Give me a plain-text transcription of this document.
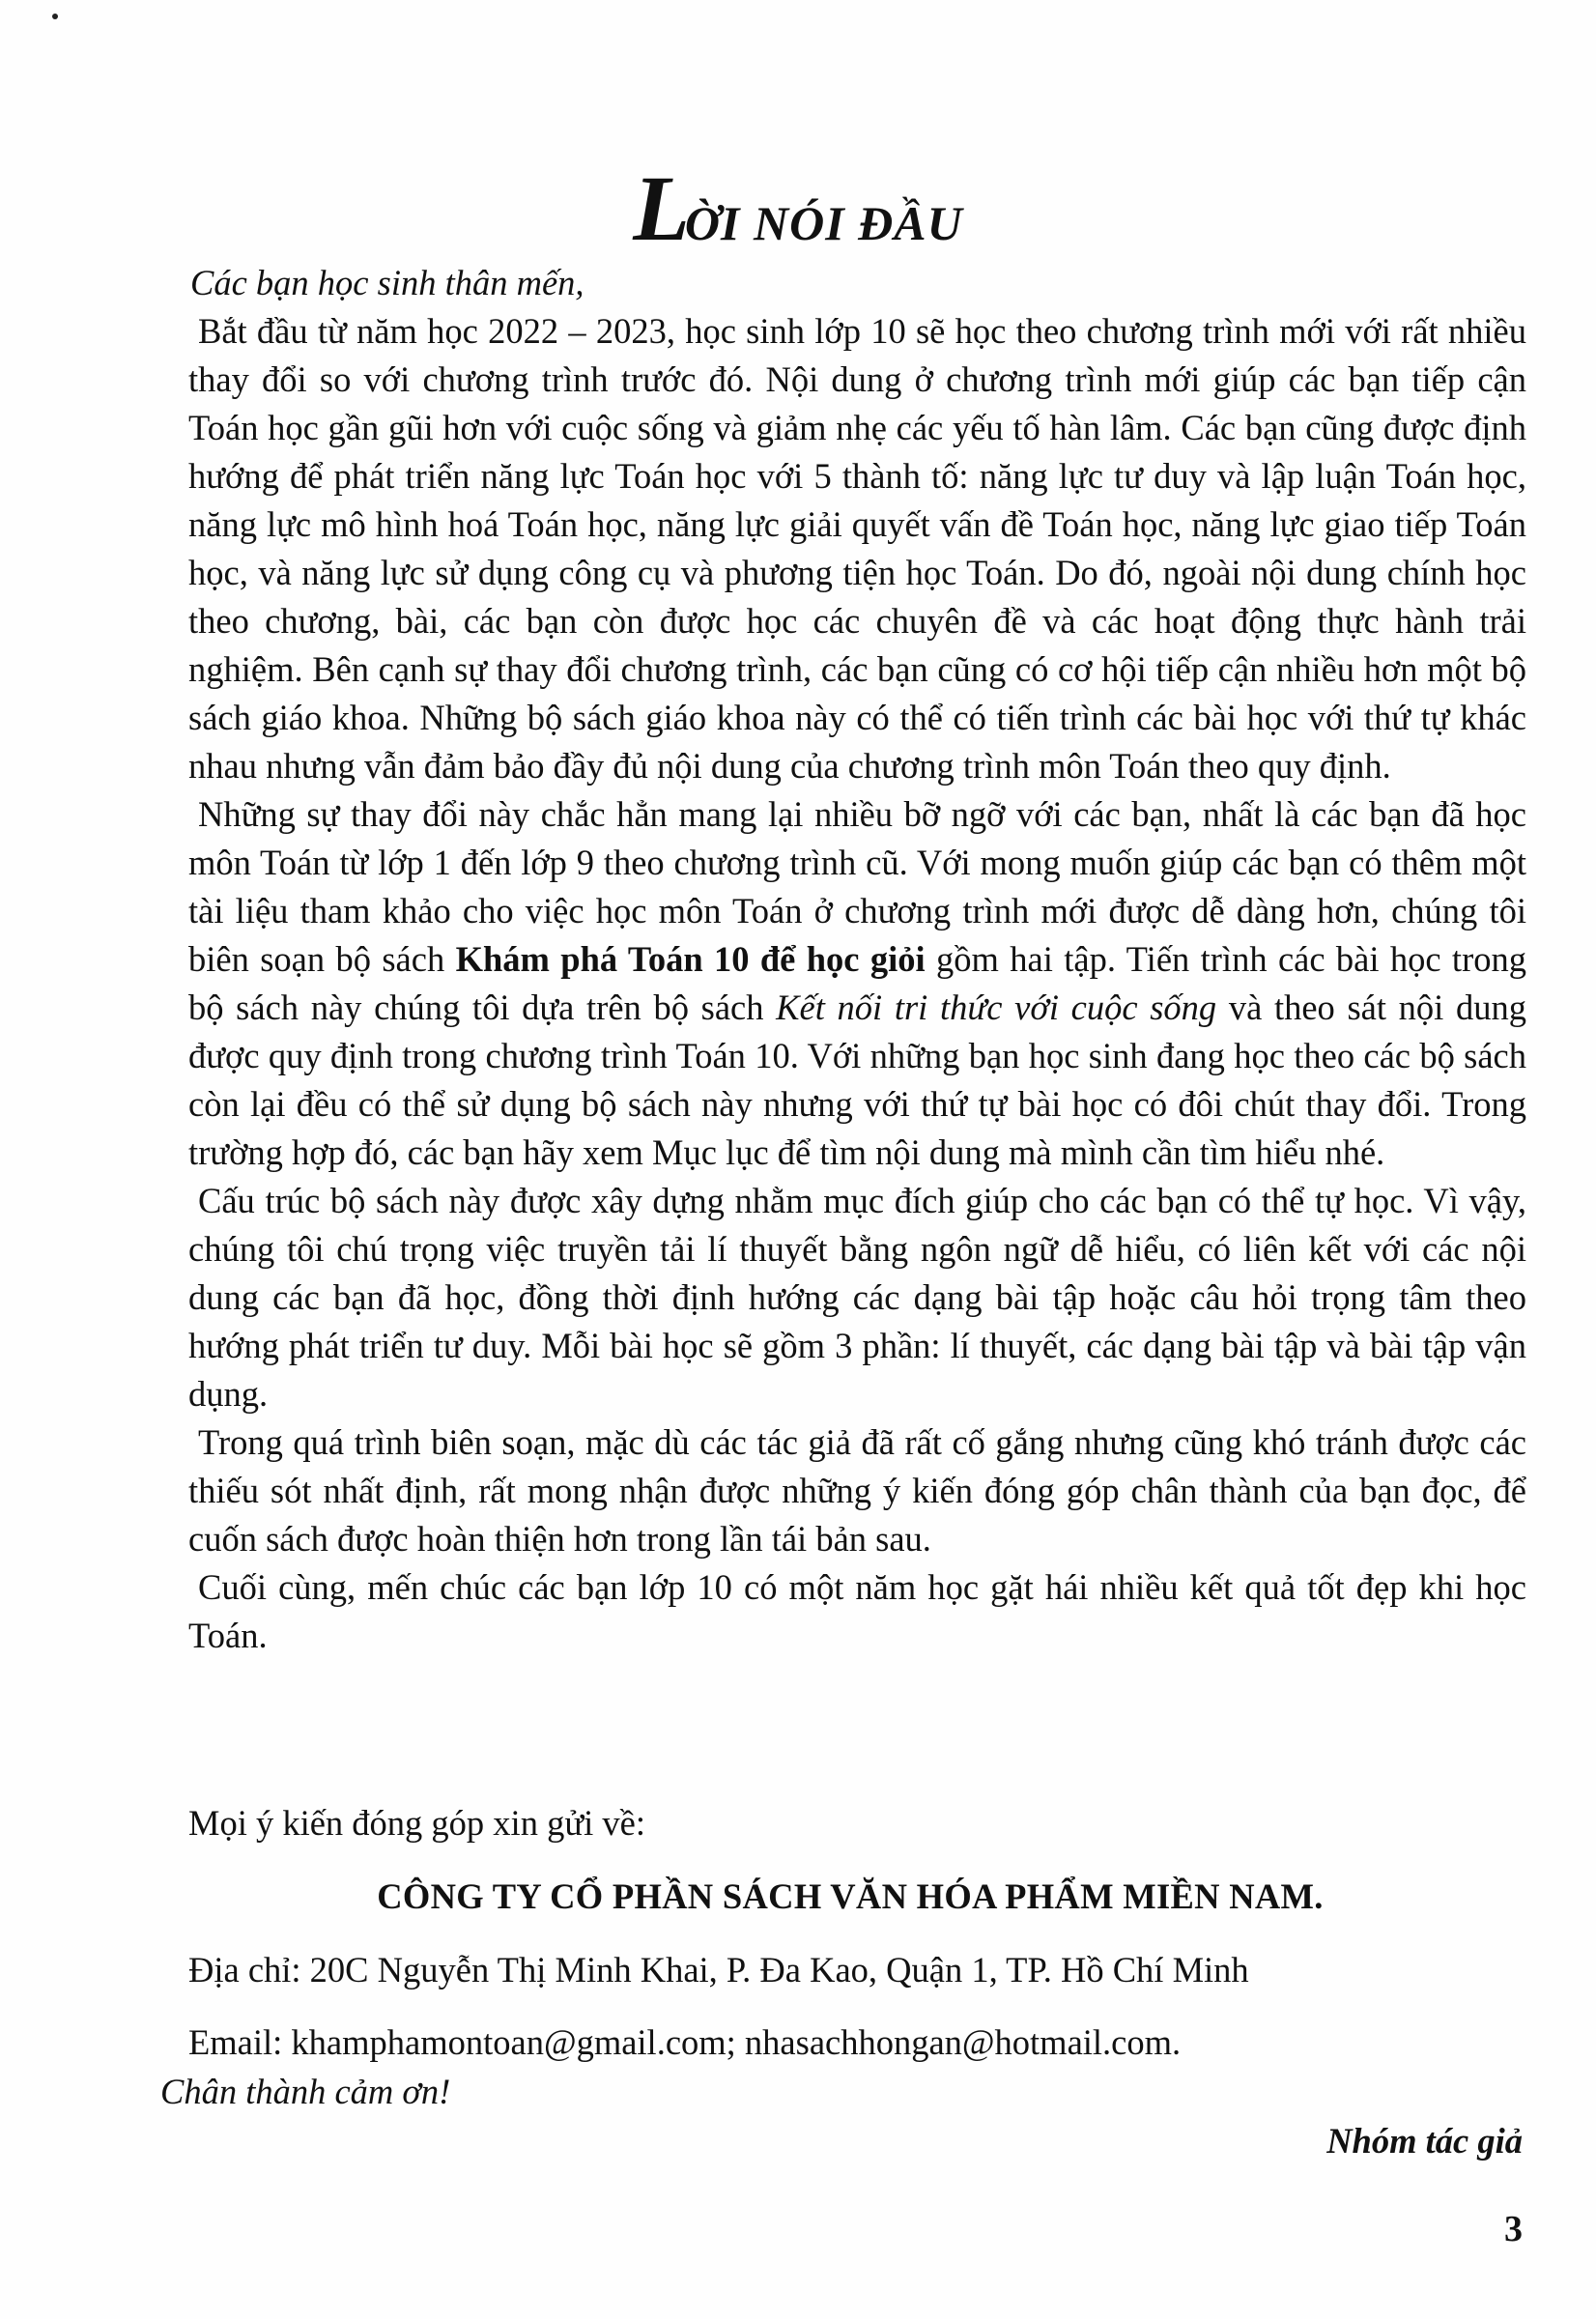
LỜI NÓI ĐẦU

Các bạn học sinh thân mến,

Bắt đầu từ năm học 2022 – 2023, học sinh lớp 10 sẽ học theo chương trình mới với rất nhiều thay đổi so với chương trình trước đó. Nội dung ở chương trình mới giúp các bạn tiếp cận Toán học gần gũi hơn với cuộc sống và giảm nhẹ các yếu tố hàn lâm. Các bạn cũng được định hướng để phát triển năng lực Toán học với 5 thành tố: năng lực tư duy và lập luận Toán học, năng lực mô hình hoá Toán học, năng lực giải quyết vấn đề Toán học, năng lực giao tiếp Toán học, và năng lực sử dụng công cụ và phương tiện học Toán. Do đó, ngoài nội dung chính học theo chương, bài, các bạn còn được học các chuyên đề và các hoạt động thực hành trải nghiệm. Bên cạnh sự thay đổi chương trình, các bạn cũng có cơ hội tiếp cận nhiều hơn một bộ sách giáo khoa. Những bộ sách giáo khoa này có thể có tiến trình các bài học với thứ tự khác nhau nhưng vẫn đảm bảo đầy đủ nội dung của chương trình môn Toán theo quy định.

Những sự thay đổi này chắc hẳn mang lại nhiều bỡ ngỡ với các bạn, nhất là các bạn đã học môn Toán từ lớp 1 đến lớp 9 theo chương trình cũ. Với mong muốn giúp các bạn có thêm một tài liệu tham khảo cho việc học môn Toán ở chương trình mới được dễ dàng hơn, chúng tôi biên soạn bộ sách Khám phá Toán 10 để học giỏi gồm hai tập. Tiến trình các bài học trong bộ sách này chúng tôi dựa trên bộ sách Kết nối tri thức với cuộc sống và theo sát nội dung được quy định trong chương trình Toán 10. Với những bạn học sinh đang học theo các bộ sách còn lại đều có thể sử dụng bộ sách này nhưng với thứ tự bài học có đôi chút thay đổi. Trong trường hợp đó, các bạn hãy xem Mục lục để tìm nội dung mà mình cần tìm hiểu nhé.

Cấu trúc bộ sách này được xây dựng nhằm mục đích giúp cho các bạn có thể tự học. Vì vậy, chúng tôi chú trọng việc truyền tải lí thuyết bằng ngôn ngữ dễ hiểu, có liên kết với các nội dung các bạn đã học, đồng thời định hướng các dạng bài tập hoặc câu hỏi trọng tâm theo hướng phát triển tư duy. Mỗi bài học sẽ gồm 3 phần: lí thuyết, các dạng bài tập và bài tập vận dụng.

Trong quá trình biên soạn, mặc dù các tác giả đã rất cố gắng nhưng cũng khó tránh được các thiếu sót nhất định, rất mong nhận được những ý kiến đóng góp chân thành của bạn đọc, để cuốn sách được hoàn thiện hơn trong lần tái bản sau.

Cuối cùng, mến chúc các bạn lớp 10 có một năm học gặt hái nhiều kết quả tốt đẹp khi học Toán.

Mọi ý kiến đóng góp xin gửi về:
CÔNG TY CỔ PHẦN SÁCH VĂN HÓA PHẨM MIỀN NAM.
Địa chỉ: 20C Nguyễn Thị Minh Khai, P. Đa Kao, Quận 1, TP. Hồ Chí Minh
Email: khamphamontoan@gmail.com; nhasachhongan@hotmail.com.
Chân thành cảm ơn!
Nhóm tác giả
3
